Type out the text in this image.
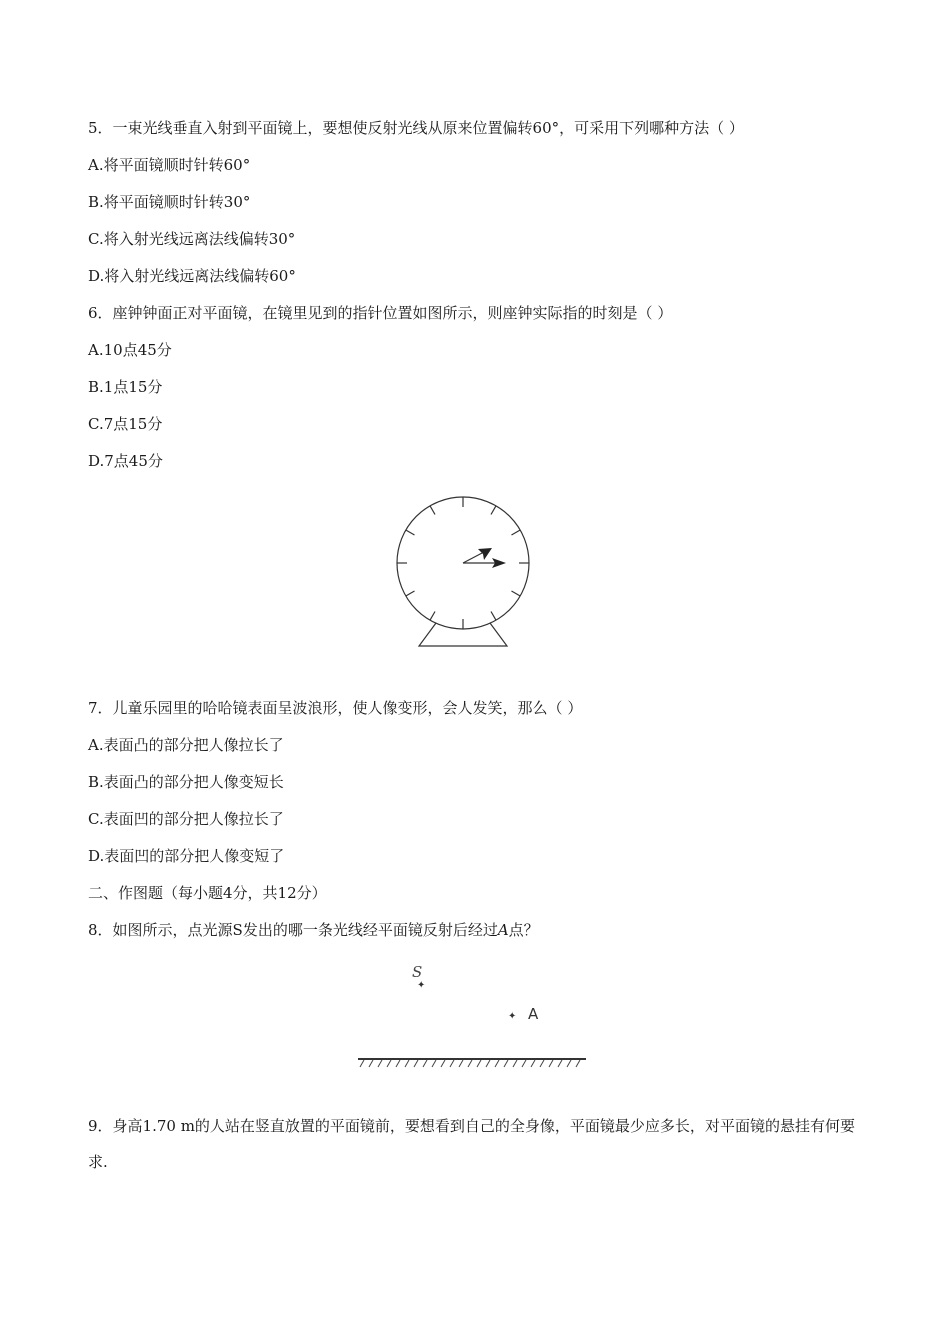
5．一束光线垂直入射到平面镜上，要想使反射光线从原来位置偏转60°，可采用下列哪种方法（ ）
A.将平面镜顺时针转60°
B.将平面镜顺时针转30°
C.将入射光线远离法线偏转30°
D.将入射光线远离法线偏转60°
6．座钟钟面正对平面镜，在镜里见到的指针位置如图所示，则座钟实际指的时刻是（ ）
A.10点45分
B.1点15分
C.7点15分
D.7点45分
7．儿童乐园里的哈哈镜表面呈波浪形，使人像变形，会人发笑，那么（ ）
A.表面凸的部分把人像拉长了
B.表面凸的部分把人像变短长
C.表面凹的部分把人像拉长了
D.表面凹的部分把人像变短了
二、作图题（每小题4分，共12分）
8．如图所示，点光源S发出的哪一条光线经平面镜反射后经过A点？
S
✦
✦ A
9．身高1.70 m的人站在竖直放置的平面镜前，要想看到自己的全身像，平面镜最少应多长，对平面镜的悬挂有何要求.
